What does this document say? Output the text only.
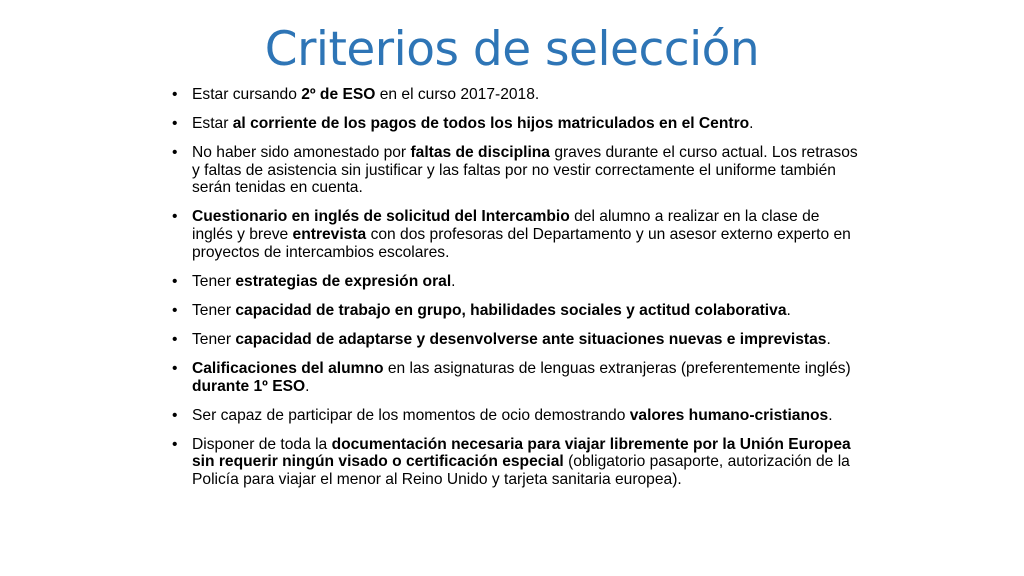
Criterios de selección
• Estar cursando 2º de ESO en el curso 2017-2018.
• Estar al corriente de los pagos de todos los hijos matriculados en el Centro.
• No haber sido amonestado por faltas de disciplina graves durante el curso actual. Los retrasos y faltas de asistencia sin justificar y las faltas por no vestir correctamente el uniforme también serán tenidas en cuenta.
• Cuestionario en inglés de solicitud del Intercambio del alumno a realizar en la clase de inglés y breve entrevista con dos profesoras del Departamento y un asesor externo experto en proyectos de intercambios escolares.
• Tener estrategias de expresión oral.
• Tener capacidad de trabajo en grupo, habilidades sociales y actitud colaborativa.
• Tener capacidad de adaptarse y desenvolverse ante situaciones nuevas e imprevistas.
• Calificaciones del alumno en las asignaturas de lenguas extranjeras (preferentemente inglés) durante 1º ESO.
• Ser capaz de participar de los momentos de ocio demostrando valores humano-cristianos.
• Disponer de toda la documentación necesaria para viajar libremente por la Unión Europea sin requerir ningún visado o certificación especial (obligatorio pasaporte, autorización de la Policía para viajar el menor al Reino Unido y tarjeta sanitaria europea).
